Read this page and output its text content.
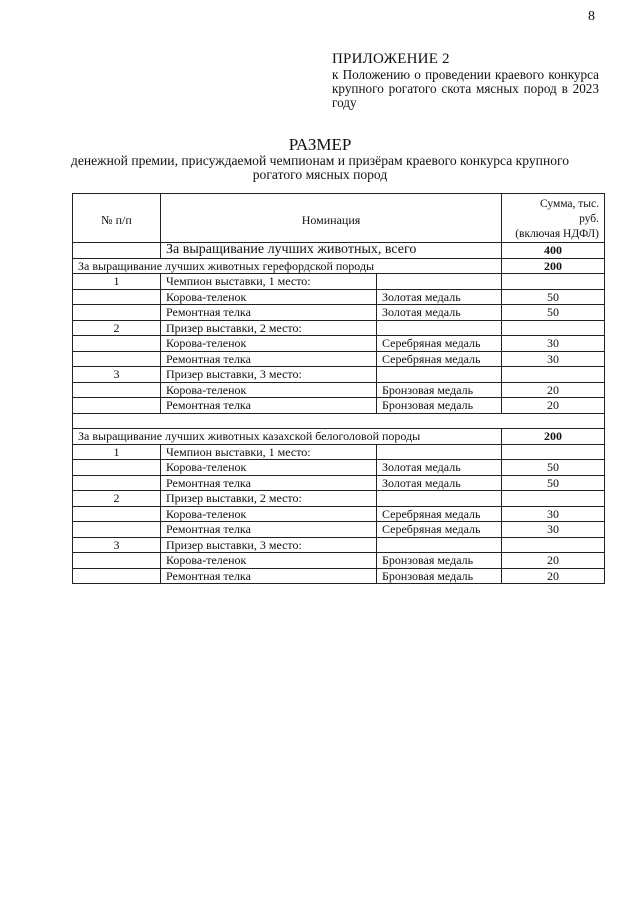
8
ПРИЛОЖЕНИЕ 2
к Положению о проведении краевого конкурса крупного рогатого скота мясных пород в 2023 году
РАЗМЕР
денежной премии, присуждаемой чемпионам и призёрам краевого конкурса крупного рогатого мясных пород
№ п/п	Номинация		Сумма, тыс.
руб.
(включая НДФЛ)

	За выращивание лучших животных, всего		400
За выращивание лучших животных герефордской породы			200
1	Чемпион выставки, 1 место:		
	Корова-теленок	Золотая медаль	50
	Ремонтная телка	Золотая медаль	50
2	Призер выставки, 2 место:		
	Корова-теленок	Серебряная медаль	30
	Ремонтная телка	Серебряная медаль	30
3	Призер выставки, 3 место:		
	Корова-теленок	Бронзовая медаль	20
	Ремонтная телка	Бронзовая медаль	20

За выращивание лучших животных казахской белоголовой породы			200
1	Чемпион выставки, 1 место:		
	Корова-теленок	Золотая медаль	50
	Ремонтная телка	Золотая медаль	50
2	Призер выставки, 2 место:		
	Корова-теленок	Серебряная медаль	30
	Ремонтная телка	Серебряная медаль	30
3	Призер выставки, 3 место:		
	Корова-теленок	Бронзовая медаль	20
	Ремонтная телка	Бронзовая медаль	20
